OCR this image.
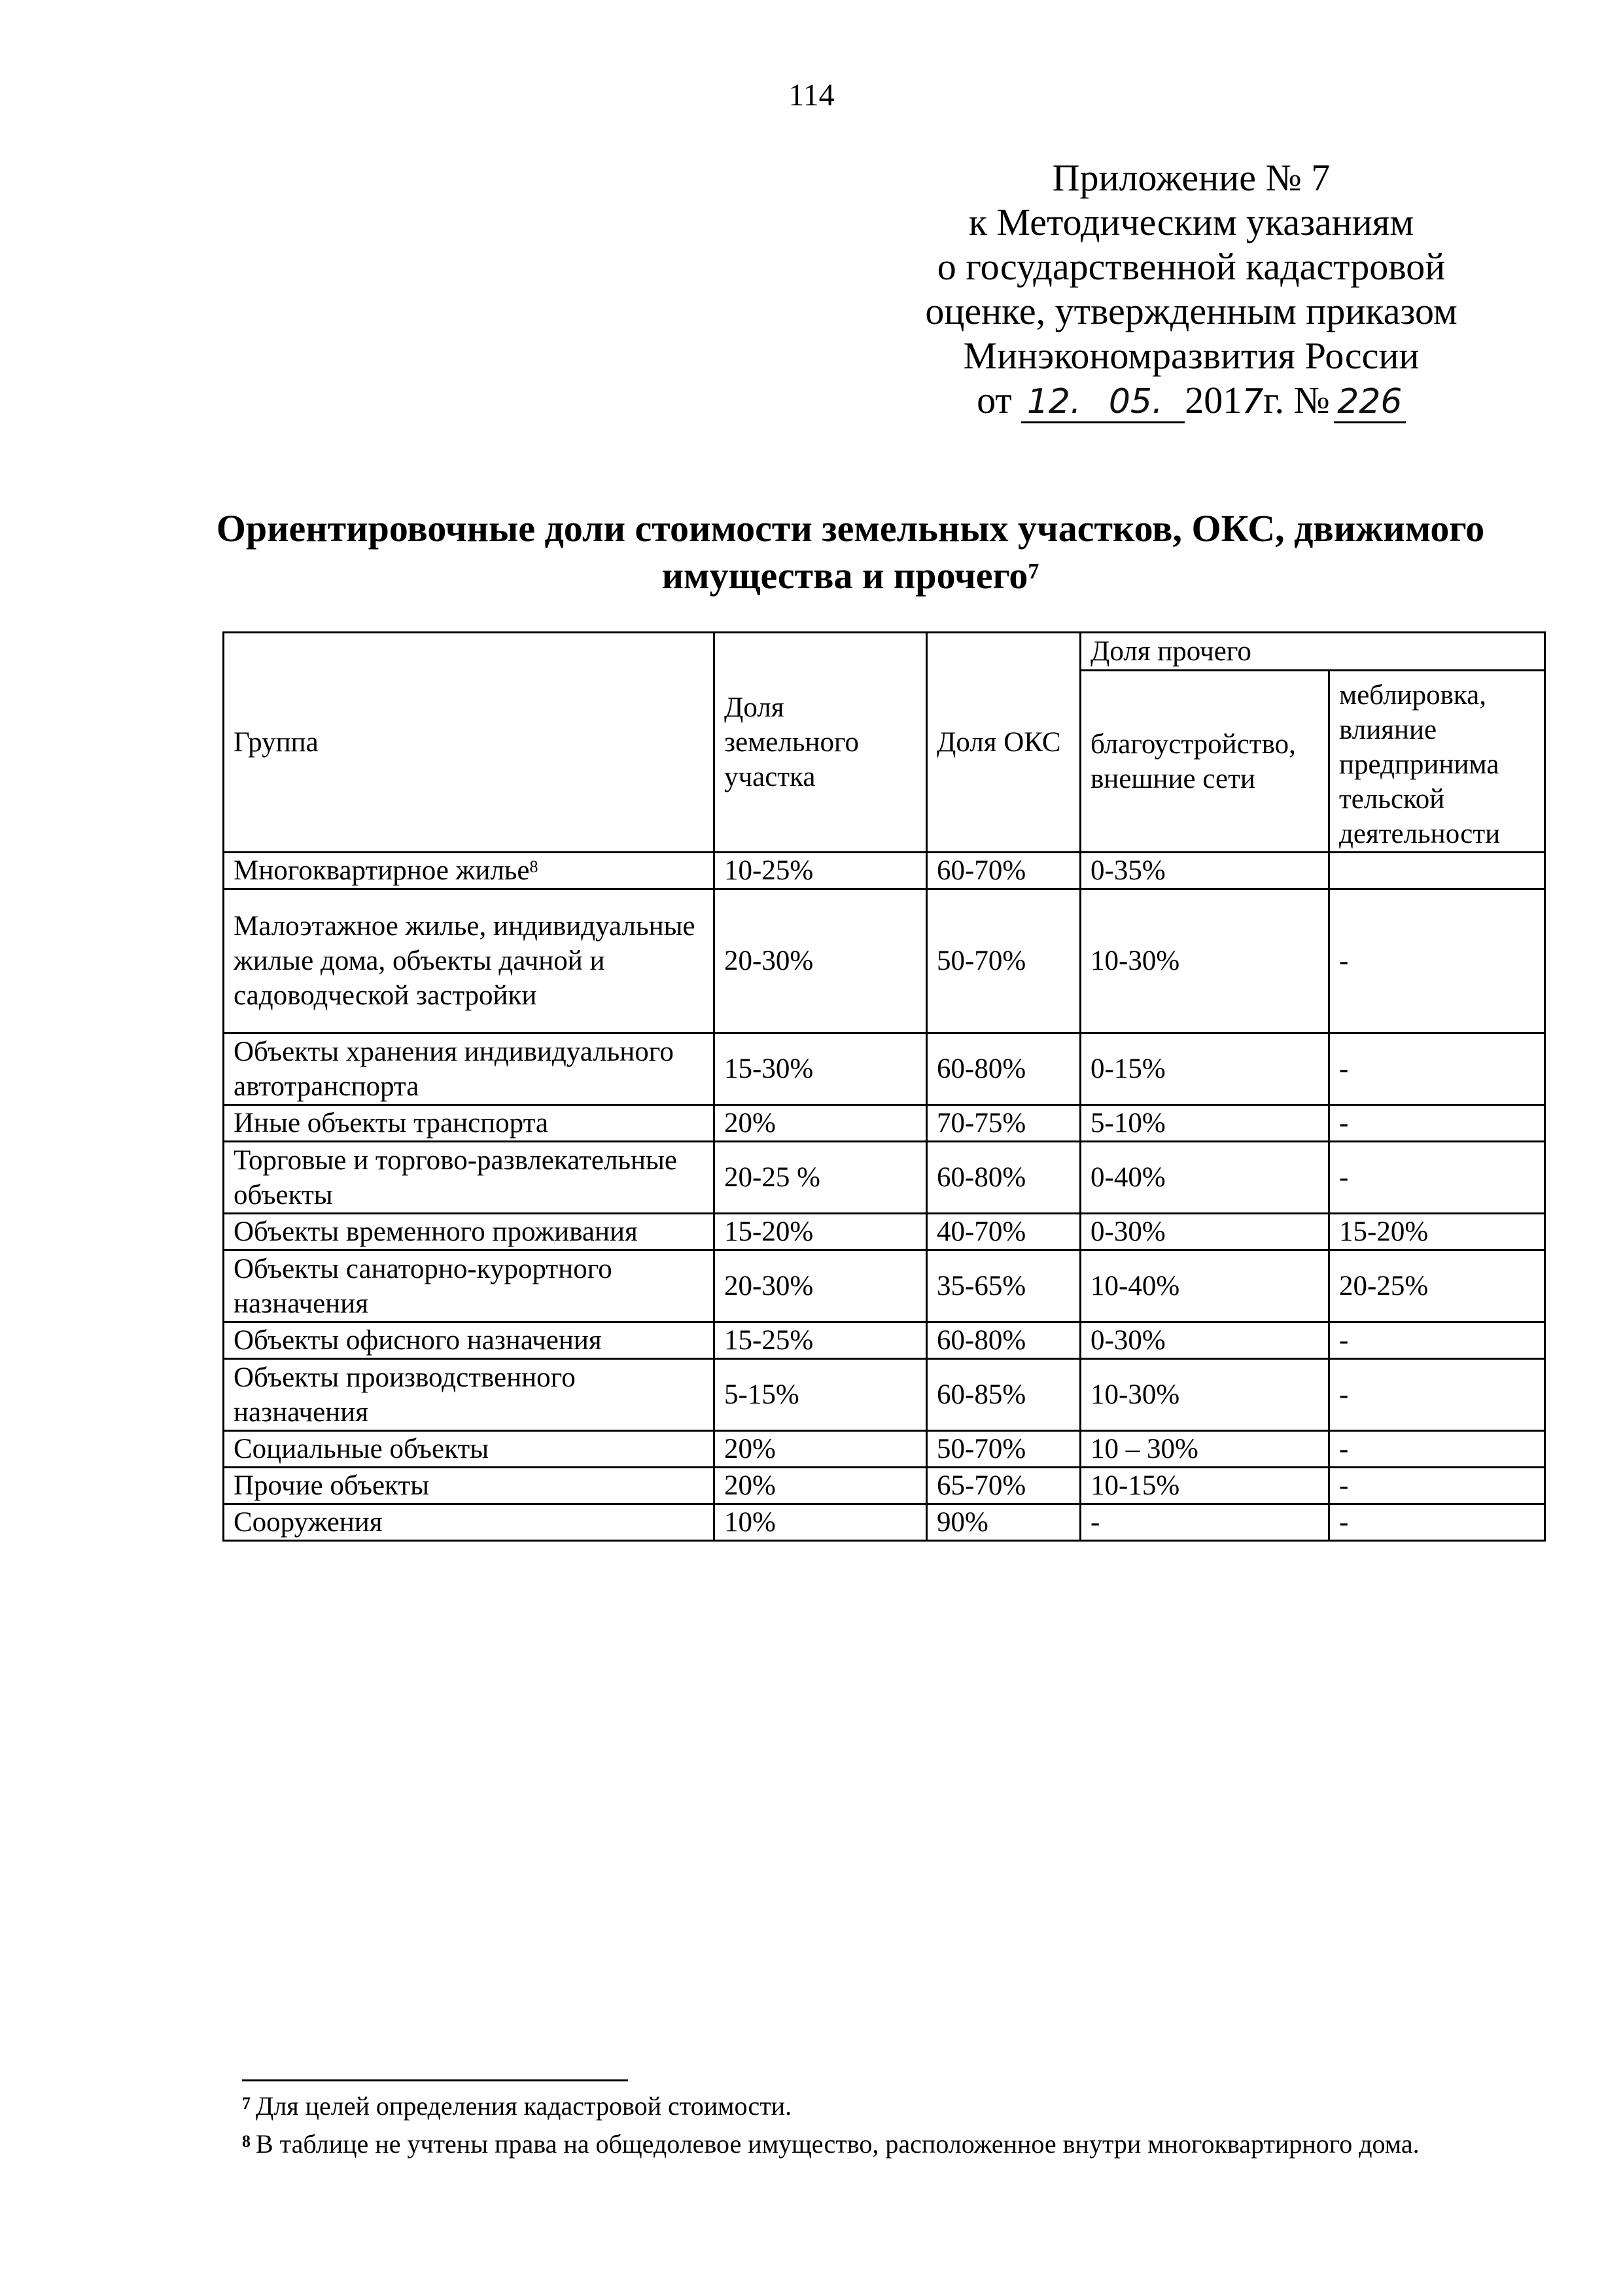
114
Приложение № 7
к Методическим указаниям
о государственной кадастровой
оценке, утвержденным приказом
Минэкономразвития России
от 12. 05. 2017г. № 226
Ориентировочные доли стоимости земельных участков, ОКС, движимого
имущества и прочего$^7$
Группа	Доля земельного участка	Доля ОКС	Доля прочего	
			благоустройство, внешние сети	меблировка, влияние предпринима тельской деятельности
Многоквартирное жилье$^8$	10-25%	60-70%	0-35%	
Малоэтажное жилье, индивидуальные жилые дома, объекты дачной и садоводческой застройки	20-30%	50-70%	10-30%	-
Объекты хранения индивидуального автотранспорта	15-30%	60-80%	0-15%	-
Иные объекты транспорта	20%	70-75%	5-10%	-
Торговые и торгово-развлекательные объекты	20-25 %	60-80%	0-40%	-
Объекты временного проживания	15-20%	40-70%	0-30%	15-20%
Объекты санаторно-курортного назначения	20-30%	35-65%	10-40%	20-25%
Объекты офисного назначения	15-25%	60-80%	0-30%	-
Объекты производственного назначения	5-15%	60-85%	10-30%	-
Социальные объекты	20%	50-70%	10 – 30%	-
Прочие объекты	20%	65-70%	10-15%	-
Сооружения	10%	90%	-	-
$^7$ Для целей определения кадастровой стоимости.
$^8$ В таблице не учтены права на общедолевое имущество, расположенное внутри многоквартирного дома.
